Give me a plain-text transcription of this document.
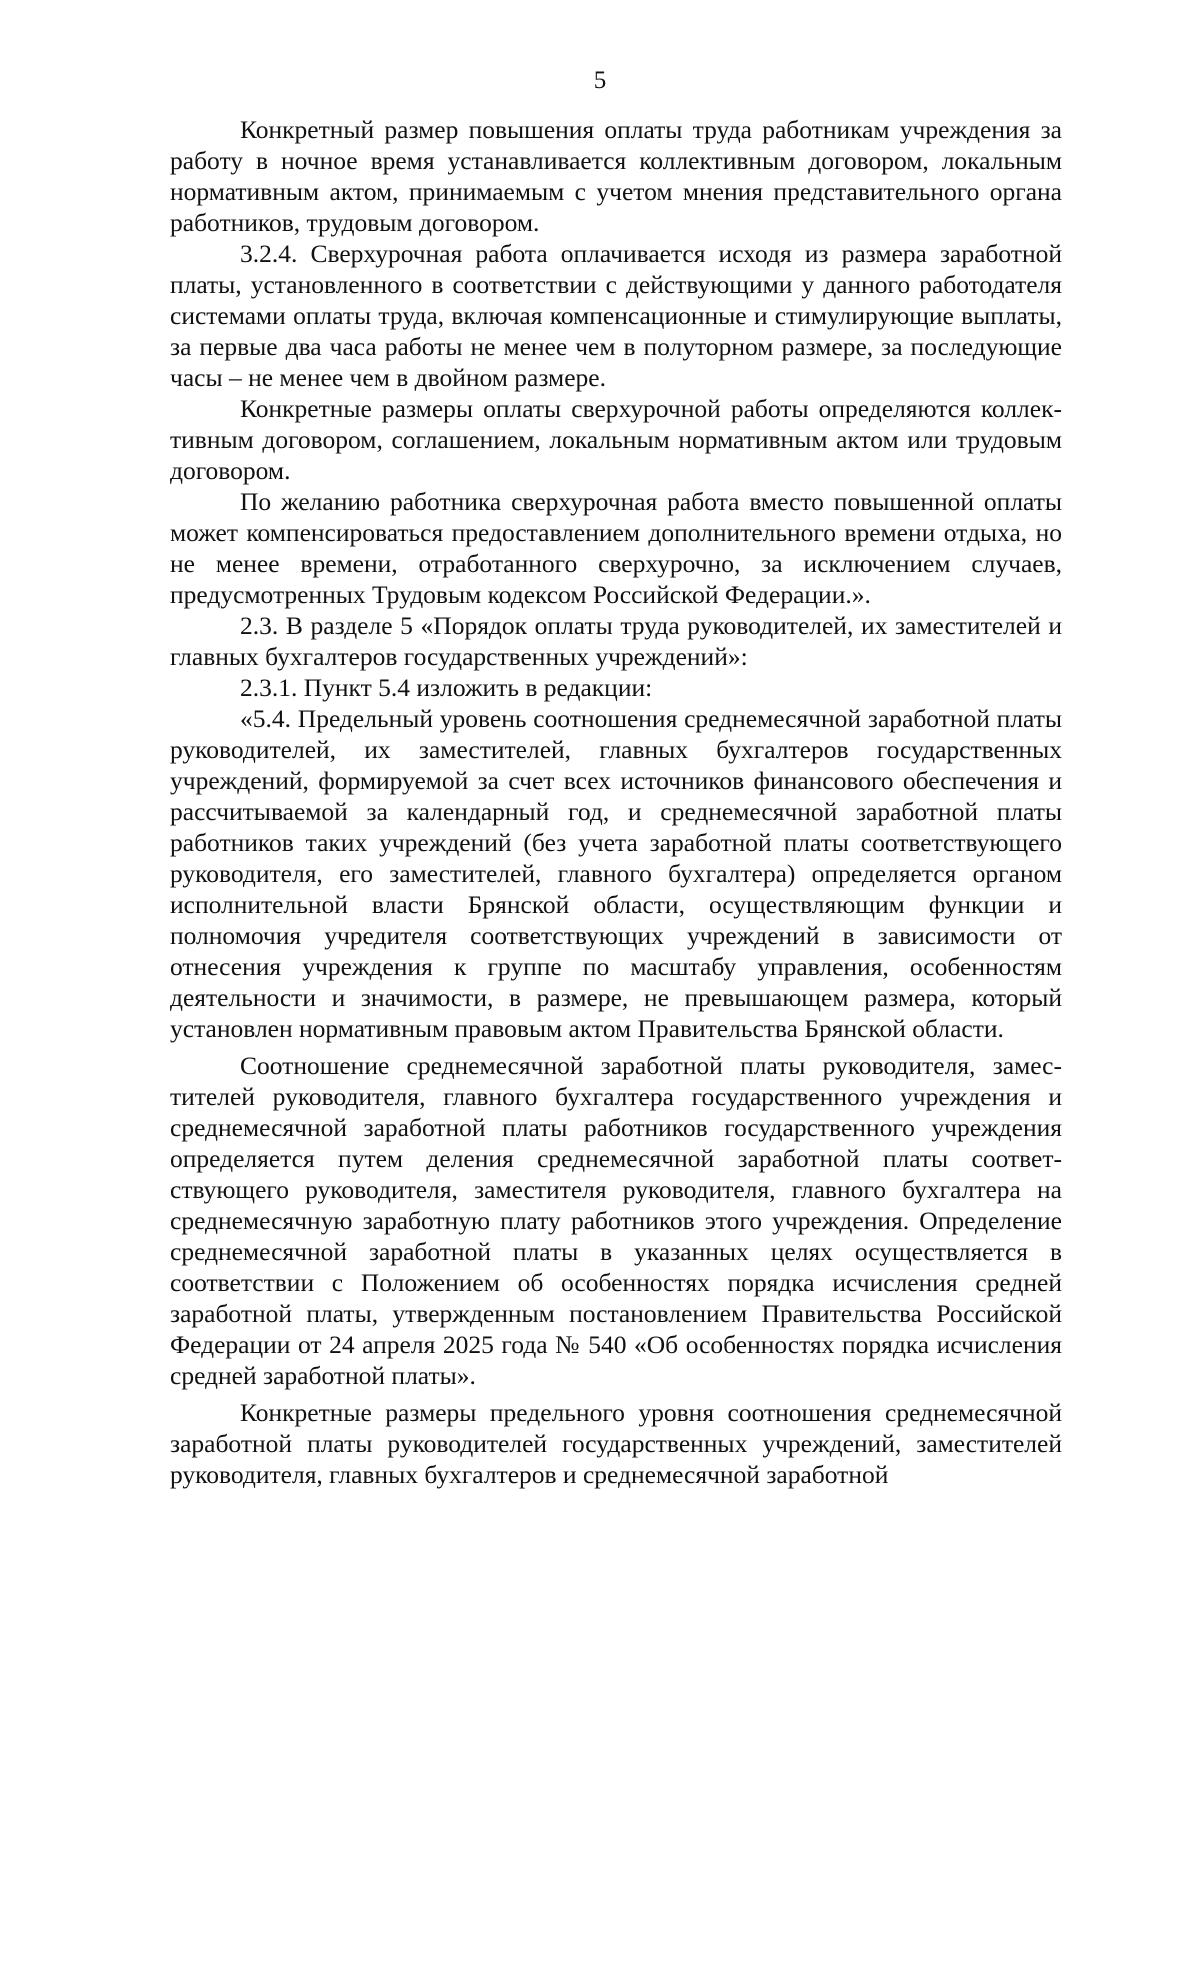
5

Конкретный размер повышения оплаты труда работникам учреждения за работу в ночное время устанавливается коллективным договором, локальным нормативным актом, принимаемым с учетом мнения представительного органа работников, трудовым договором.

3.2.4. Сверхурочная работа оплачивается исходя из размера заработной платы, установленного в соответствии с действующими у данного работодателя системами оплаты труда, включая компенсационные и стимулирующие выплаты, за первые два часа работы не менее чем в полуторном размере, за последующие часы – не менее чем в двойном размере.

Конкретные размеры оплаты сверхурочной работы определяются коллективным договором, соглашением, локальным нормативным актом или трудовым договором.

По желанию работника сверхурочная работа вместо повышенной оплаты может компенсироваться предоставлением дополнительного времени отдыха, но не менее времени, отработанного сверхурочно, за исключением случаев, предусмотренных Трудовым кодексом Российской Федерации.».

2.3. В разделе 5 «Порядок оплаты труда руководителей, их заместителей и главных бухгалтеров государственных учреждений»:

2.3.1. Пункт 5.4 изложить в редакции:

«5.4. Предельный уровень соотношения среднемесячной заработной платы руководителей, их заместителей, главных бухгалтеров государственных учреждений, формируемой за счет всех источников финансового обеспечения и рассчитываемой за календарный год, и среднемесячной заработной платы работников таких учреждений (без учета заработной платы соответствующего руководителя, его заместителей, главного бухгалтера) определяется органом исполнительной власти Брянской области, осуществляющим функции и полномочия учредителя соответствующих учреждений в зависимости от отнесения учреждения к группе по масштабу управления, особенностям деятельности и значимости, в размере, не превышающем размера, который установлен нормативным правовым актом Правительства Брянской области.

Соотношение среднемесячной заработной платы руководителя, заместителей руководителя, главного бухгалтера государственного учреждения и среднемесячной заработной платы работников государственного учреждения определяется путем деления среднемесячной заработной платы соответствующего руководителя, заместителя руководителя, главного бухгалтера на среднемесячную заработную плату работников этого учреждения. Определение среднемесячной заработной платы в указанных целях осуществляется в соответствии с Положением об особенностях порядка исчисления средней заработной платы, утвержденным постановлением Правительства Российской Федерации от 24 апреля 2025 года № 540 «Об особенностях порядка исчисления средней заработной платы».

Конкретные размеры предельного уровня соотношения среднемесячной заработной платы руководителей государственных учреждений, заместителей руководителя, главных бухгалтеров и среднемесячной заработной
